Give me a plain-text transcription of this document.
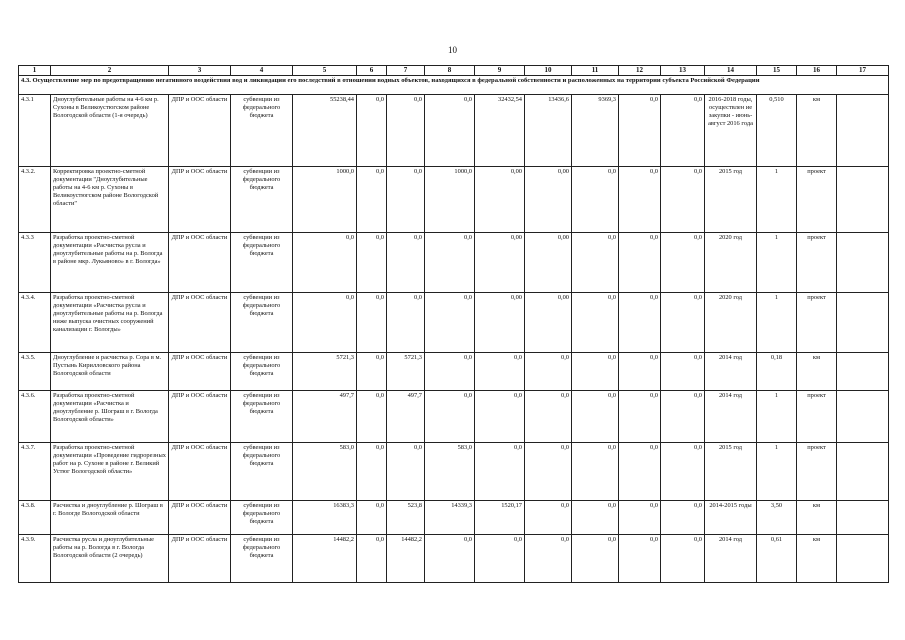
10
1	2	3	4	5	6	7	8	9	10	11	12	13	14	15	16	17
4.3. Осуществление мер по предотвращению негативного воздействия вод и ликвидации его последствий в отношении водных объектов, находящихся в федеральной собственности и расположенных на территории субъекта Российской Федерации																
4.3.1	Дноуглубительные работы на 4-6 км р. Сухоны в Великоустюгском районе Вологодской области (1-я очередь)	ДПР и ООС области	субвенции из федерального бюджета	55238,44	0,0	0,0	0,0	32432,54	13436,6	9369,3	0,0	0,0	2016-2018 годы, осуществлен ие закупки - июнь-август 2016 года	0,510	км	
4.3.2.	Корректировка проектно-сметной документации "Дноуглубительные работы на 4-6 км р. Сухоны в Великоустюгском районе Вологодской области"	ДПР и ООС области	субвенции из федерального бюджета	1000,0	0,0	0,0	1000,0	0,00	0,00	0,0	0,0	0,0	2015 год	1	проект	
4.3.3	Разработка проектно-сметной документации «Расчистка русла и дноуглубительные работы на р. Вологда в районе мкр. Лукьяново» в г. Вологда»	ДПР и ООС области	субвенции из федерального бюджета	0,0	0,0	0,0	0,0	0,00	0,00	0,0	0,0	0,0	2020 год	1	проект	
4.3.4.	Разработка проектно-сметной документации «Расчистка русла и дноуглубительные работы на р. Вологда ниже выпуска очистных сооружений канализации г. Вологды»	ДПР и ООС области	субвенции из федерального бюджета	0,0	0,0	0,0	0,0	0,00	0,00	0,0	0,0	0,0	2020 год	1	проект	
4.3.5.	Дноуглубление и расчистка р. Сора в м. Пустынь Кирилловского района Вологодской области	ДПР и ООС области	субвенции из федерального бюджета	5721,3	0,0	5721,3	0,0	0,0	0,0	0,0	0,0	0,0	2014 год	0,18	км	
4.3.6.	Разработка проектно-сметной документации «Расчистка и дноуглубление р. Шограш в г. Вологда Вологодской области»	ДПР и ООС области	субвенции из федерального бюджета	497,7	0,0	497,7	0,0	0,0	0,0	0,0	0,0	0,0	2014 год	1	проект	
4.3.7.	Разработка проектно-сметной документации «Проведение гидрорезных работ на р. Сухоне в районе г. Великий Устюг Вологодской области»	ДПР и ООС области	субвенции из федерального бюджета	583,0	0,0	0,0	583,0	0,0	0,0	0,0	0,0	0,0	2015 год	1	проект	
4.3.8.	Расчистка и дноуглубление р. Шограш в г. Вологде Вологодской области	ДПР и ООС области	субвенции из федерального бюджета	16383,3	0,0	523,8	14339,3	1520,17	0,0	0,0	0,0	0,0	2014-2015 годы	3,50	км	
4.3.9.	Расчистка русла и дноуглубительные работы на р. Вологда в г. Вологда Вологодской области (2 очередь)	ДПР и ООС области	субвенции из федерального бюджета	14482,2	0,0	14482,2	0,0	0,0	0,0	0,0	0,0	0,0	2014 год	0,61	км	
